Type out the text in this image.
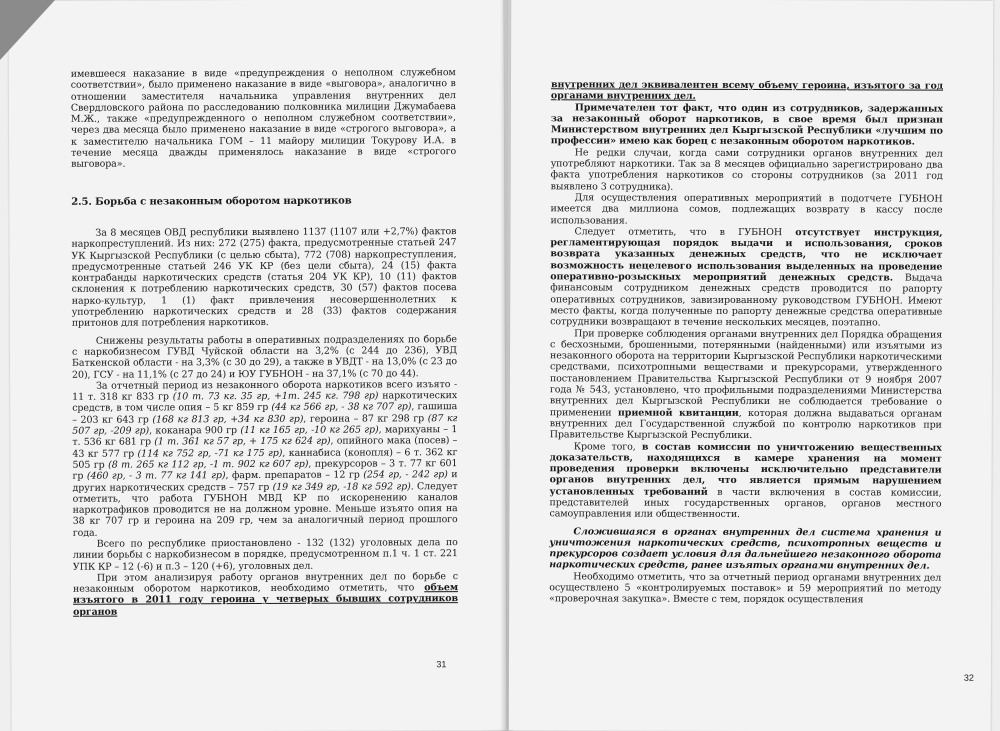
имевшееся наказание в виде «предупреждения о неполном служебном соответствии», было применено наказание в виде «выговора», аналогично в отношении заместителя начальника управления внутренних дел Свердловского района по расследованию полковника милиции Джумабаева М.Ж., также «предупрежденного о неполном служебном соответствии», через два месяца было применено наказание в виде «строгого выговора», а к заместителю начальника ГОМ – 11 майору милиции Токурову И.А. в течение месяца дважды применялось наказание в виде «строгого выговора».

2.5. Борьба с незаконным оборотом наркотиков

За 8 месяцев ОВД республики выявлено 1137 (1107 или +2,7%) фактов наркопреступлений. Из них: 272 (275) факта, предусмотренные статьей 247 УК Кыргызской Республики (с целью сбыта), 772 (708) наркопреступления, предусмотренные статьей 246 УК КР (без цели сбыта), 24 (15) факта контрабанды наркотических средств (статья 204 УК КР), 10 (11) фактов склонения к потреблению наркотических средств, 30 (57) фактов посева нарко-культур, 1 (1) факт привлечения несовершеннолетних к употреблению наркотических средств и 28 (33) фактов содержания притонов для потребления наркотиков.

Снижены результаты работы в оперативных подразделениях по борьбе с наркобизнесом ГУВД Чуйской области на 3,2% (с 244 до 236), УВД Баткенской области - на 3,3% (с 30 до 29), а также в УВДТ - на 13,0% (с 23 до 20), ГСУ - на 11,1% (с 27 до 24) и ЮУ ГУБНОН - на 37,1% (с 70 до 44).

За отчетный период из незаконного оборота наркотиков всего изъято - 11 т. 318 кг 833 гр (10 т. 73 кг. 35 гр, +1т. 245 кг. 798 гр) наркотических средств, в том числе опия – 5 кг 859 гр (44 кг 566 гр, - 38 кг 707 гр), гашиша – 203 кг 643 гр (168 кг 813 гр, +34 кг 830 гр), героина – 87 кг 298 гр (87 кг 507 гр, -209 гр), коканара 900 гр (11 кг 165 гр, -10 кг 265 гр), марихуаны – 1 т. 536 кг 681 гр (1 т. 361 кг 57 гр, + 175 кг 624 гр), опийного мака (посев) – 43 кг 577 гр (114 кг 752 гр, -71 кг 175 гр), каннабиса (конопля) – 6 т. 362 кг 505 гр (8 т. 265 кг 112 гр, -1 т. 902 кг 607 гр), прекурсоров – 3 т. 77 кг 601 гр (460 гр, - 3 т. 77 кг 141 гр), фарм. препаратов – 12 гр (254 гр, - 242 гр) и других наркотических средств – 757 гр (19 кг 349 гр, -18 кг 592 гр). Следует отметить, что работа ГУБНОН МВД КР по искоренению каналов наркотрафиков проводится не на должном уровне. Меньше изъято опия на 38 кг 707 гр и героина на 209 гр, чем за аналогичный период прошлого года.

Всего по республике приостановлено - 132 (132) уголовных дела по линии борьбы с наркобизнесом в порядке, предусмотренном п.1 ч. 1 ст. 221 УПК КР – 12 (-6) и п.3 – 120 (+6), уголовных дел.

При этом анализируя работу органов внутренних дел по борьбе с незаконным оборотом наркотиков, необходимо отметить, что объем изъятого в 2011 году героина у четверых бывших сотрудников органов

31

внутренних дел эквивалентен всему объему героина, изъятого за год органами внутренних дел.

Примечателен тот факт, что один из сотрудников, задержанных за незаконный оборот наркотиков, в свое время был признан Министерством внутренних дел Кыргызской Республики «лучшим по профессии» имею как борец с незаконным оборотом наркотиков.

Не редки случаи, когда сами сотрудники органов внутренних дел употребляют наркотики. Так за 8 месяцев официально зарегистрировано два факта употребления наркотиков со стороны сотрудников (за 2011 год выявлено 3 сотрудника).

Для осуществления оперативных мероприятий в подотчете ГУБНОН имеется два миллиона сомов, подлежащих возврату в кассу после использования.

Следует отметить, что в ГУБНОН отсутствует инструкция, регламентирующая порядок выдачи и использования, сроков возврата указанных денежных средств, что не исключает возможность нецелевого использования выделенных на проведение оперативно-розыскных мероприятий денежных средств. Выдача финансовым сотрудником денежных средств проводится по рапорту оперативных сотрудников, завизированному руководством ГУБНОН. Имеют место факты, когда полученные по рапорту денежные средства оперативные сотрудники возвращают в течение нескольких месяцев, поэтапно.

При проверке соблюдения органами внутренних дел Порядка обращения с бесхозными, брошенными, потерянными (найденными) или изъятыми из незаконного оборота на территории Кыргызской Республики наркотическими средствами, психотропными веществами и прекурсорами, утвержденного постановлением Правительства Кыргызской Республики от 9 ноября 2007 года № 543, установлено, что профильными подразделениями Министерства внутренних дел Кыргызской Республики не соблюдается требование о применении приемной квитанции, которая должна выдаваться органам внутренних дел Государственной службой по контролю наркотиков при Правительстве Кыргызской Республики.

Кроме того, в состав комиссии по уничтожению вещественных доказательств, находящихся в камере хранения на момент проведения проверки включены исключительно представители органов внутренних дел, что является прямым нарушением установленных требований в части включения в состав комиссии, представителей иных государственных органов, органов местного самоуправления или общественности.

Сложившаяся в органах внутренних дел система хранения и уничтожения наркотических средств, психотропных веществ и прекурсоров создает условия для дальнейшего незаконного оборота наркотических средств, ранее изъятых органами внутренних дел.

Необходимо отметить, что за отчетный период органами внутренних дел осуществлено 5 «контролируемых поставок» и 59 мероприятий по методу «проверочная закупка». Вместе с тем, порядок осуществления

32
